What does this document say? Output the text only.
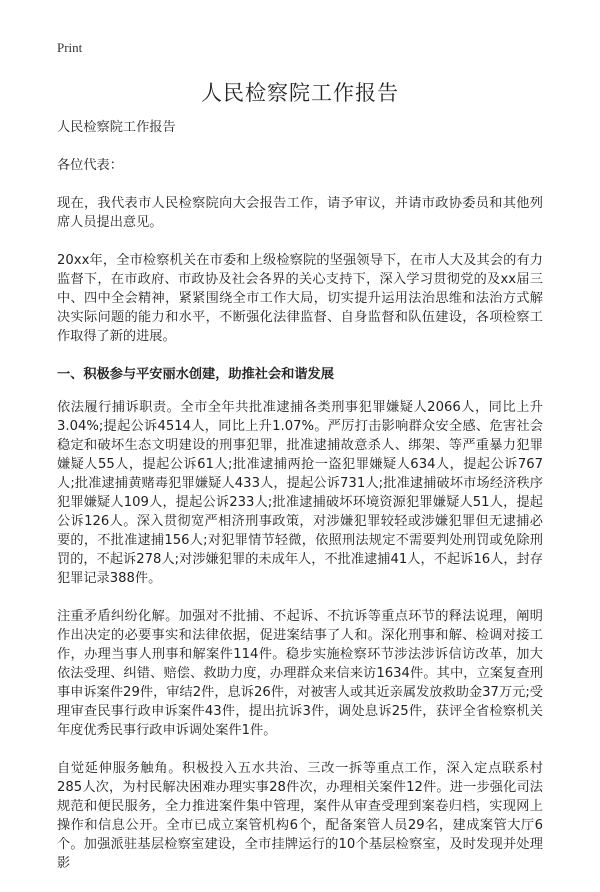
Print

人民检察院工作报告

人民检察院工作报告

各位代表：

现在，我代表市人民检察院向大会报告工作，请予审议，并请市政协委员和其他列席人员提出意见。

20xx年，全市检察机关在市委和上级检察院的坚强领导下，在市人大及其会的有力监督下，在市政府、市政协及社会各界的关心支持下，深入学习贯彻党的及xx届三中、四中全会精神，紧紧围绕全市工作大局，切实提升运用法治思维和法治方式解决实际问题的能力和水平，不断强化法律监督、自身监督和队伍建设，各项检察工作取得了新的进展。

一、积极参与平安丽水创建，助推社会和谐发展

依法履行捕诉职责。全市全年共批准逮捕各类刑事犯罪嫌疑人2066人，同比上升3.04%;提起公诉4514人，同比上升1.07%。严厉打击影响群众安全感、危害社会稳定和破坏生态文明建设的刑事犯罪，批准逮捕故意杀人、绑架、等严重暴力犯罪嫌疑人55人，提起公诉61人;批准逮捕两抢一盗犯罪嫌疑人634人，提起公诉767人;批准逮捕黄赌毒犯罪嫌疑人433人，提起公诉731人;批准逮捕破坏市场经济秩序犯罪嫌疑人109人，提起公诉233人;批准逮捕破坏环境资源犯罪嫌疑人51人，提起公诉126人。深入贯彻宽严相济刑事政策，对涉嫌犯罪较轻或涉嫌犯罪但无逮捕必要的，不批准逮捕156人;对犯罪情节轻微，依照刑法规定不需要判处刑罚或免除刑罚的，不起诉278人;对涉嫌犯罪的未成年人，不批准逮捕41人，不起诉16人，封存犯罪记录388件。

注重矛盾纠纷化解。加强对不批捕、不起诉、不抗诉等重点环节的释法说理，阐明作出决定的必要事实和法律依据，促进案结事了人和。深化刑事和解、检调对接工作，办理当事人刑事和解案件114件。稳步实施检察环节涉法涉诉信访改革，加大依法受理、纠错、赔偿、救助力度，办理群众来信来访1634件。其中，立案复查刑事申诉案件29件，审结2件，息诉26件，对被害人或其近亲属发放救助金37万元;受理审查民事行政申诉案件43件，提出抗诉3件，调处息诉25件，获评全省检察机关年度优秀民事行政申诉调处案件1件。

自觉延伸服务触角。积极投入五水共治、三改一拆等重点工作，深入定点联系村285人次，为村民解决困难办理实事28件次，办理相关案件12件。进一步强化司法规范和便民服务，全力推进案件集中管理，案件从审查受理到案卷归档，实现网上操作和信息公开。全市已成立案管机构6个，配备案管人员29名，建成案管大厅6个。加强派驻基层检察室建设，全市挂牌运行的10个基层检察室，及时发现并处理影
